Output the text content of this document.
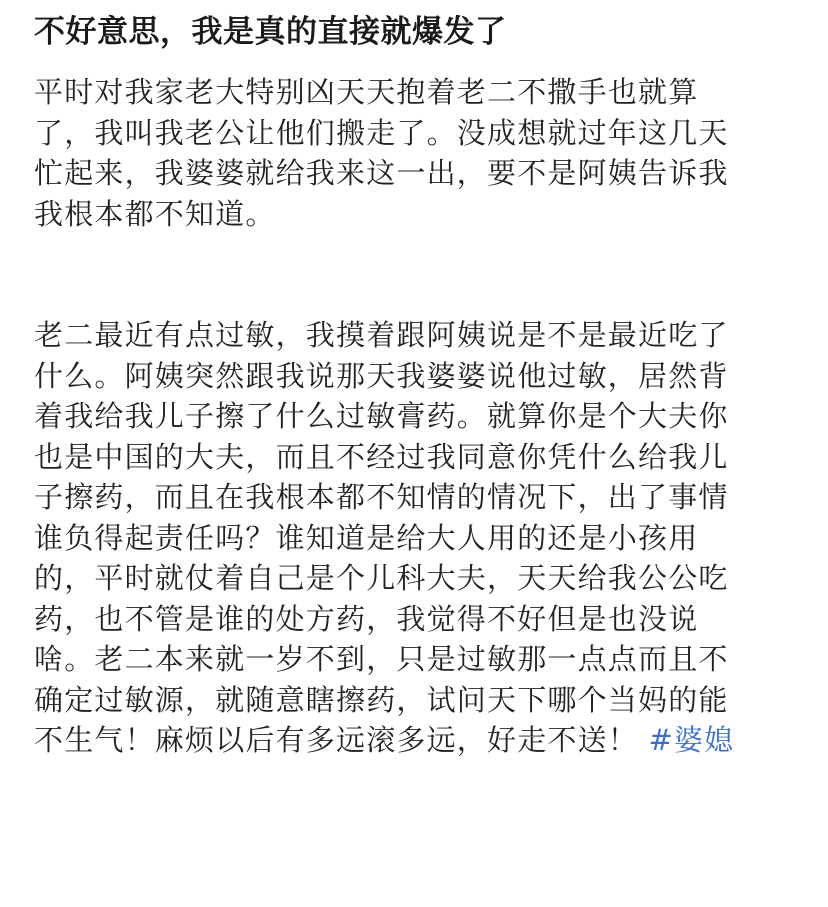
不好意思，我是真的直接就爆发了

平时对我家老大特别凶天天抱着老二不撒手也就算
了，我叫我老公让他们搬走了。没成想就过年这几天
忙起来，我婆婆就给我来这一出，要不是阿姨告诉我
我根本都不知道。

老二最近有点过敏，我摸着跟阿姨说是不是最近吃了
什么。阿姨突然跟我说那天我婆婆说他过敏，居然背
着我给我儿子擦了什么过敏膏药。就算你是个大夫你
也是中国的大夫，而且不经过我同意你凭什么给我儿
子擦药，而且在我根本都不知情的情况下，出了事情
谁负得起责任吗？谁知道是给大人用的还是小孩用
的，平时就仗着自己是个儿科大夫，天天给我公公吃
药，也不管是谁的处方药，我觉得不好但是也没说
啥。老二本来就一岁不到，只是过敏那一点点而且不
确定过敏源，就随意瞎擦药，试问天下哪个当妈的能
不生气！麻烦以后有多远滚多远，好走不送！ #婆媳
